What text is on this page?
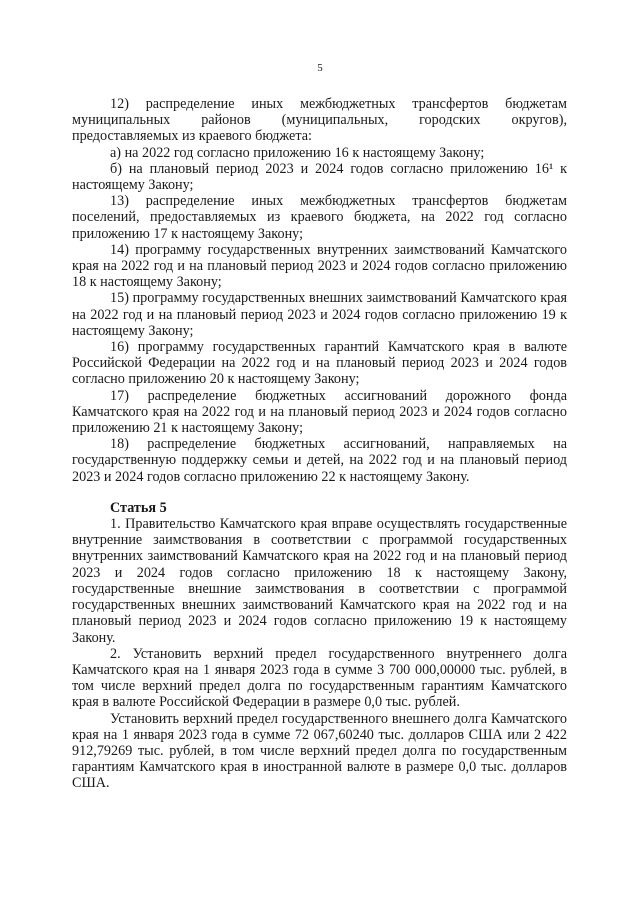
5

12) распределение иных межбюджетных трансфертов бюджетам муниципальных районов (муниципальных, городских округов), предоставляемых из краевого бюджета:

а) на 2022 год согласно приложению 16 к настоящему Закону;

б) на плановый период 2023 и 2024 годов согласно приложению 16¹ к настоящему Закону;

13) распределение иных межбюджетных трансфертов бюджетам поселений, предоставляемых из краевого бюджета, на 2022 год согласно приложению 17 к настоящему Закону;

14) программу государственных внутренних заимствований Камчатского края на 2022 год и на плановый период 2023 и 2024 годов согласно приложению 18 к настоящему Закону;

15) программу государственных внешних заимствований Камчатского края на 2022 год и на плановый период 2023 и 2024 годов согласно приложению 19 к настоящему Закону;

16) программу государственных гарантий Камчатского края в валюте Российской Федерации на 2022 год и на плановый период 2023 и 2024 годов согласно приложению 20 к настоящему Закону;

17) распределение бюджетных ассигнований дорожного фонда Камчатского края на 2022 год и на плановый период 2023 и 2024 годов согласно приложению 21 к настоящему Закону;

18) распределение бюджетных ассигнований, направляемых на государственную поддержку семьи и детей, на 2022 год и на плановый период 2023 и 2024 годов согласно приложению 22 к настоящему Закону.

Статья 5

1. Правительство Камчатского края вправе осуществлять государственные внутренние заимствования в соответствии с программой государственных внутренних заимствований Камчатского края на 2022 год и на плановый период 2023 и 2024 годов согласно приложению 18 к настоящему Закону, государственные внешние заимствования в соответствии с программой государственных внешних заимствований Камчатского края на 2022 год и на плановый период 2023 и 2024 годов согласно приложению 19 к настоящему Закону.

2. Установить верхний предел государственного внутреннего долга Камчатского края на 1 января 2023 года в сумме 3 700 000,00000 тыс. рублей, в том числе верхний предел долга по государственным гарантиям Камчатского края в валюте Российской Федерации в размере 0,0 тыс. рублей.

Установить верхний предел государственного внешнего долга Камчатского края на 1 января 2023 года в сумме 72 067,60240 тыс. долларов США или 2 422 912,79269 тыс. рублей, в том числе верхний предел долга по государственным гарантиям Камчатского края в иностранной валюте в размере 0,0 тыс. долларов США.
